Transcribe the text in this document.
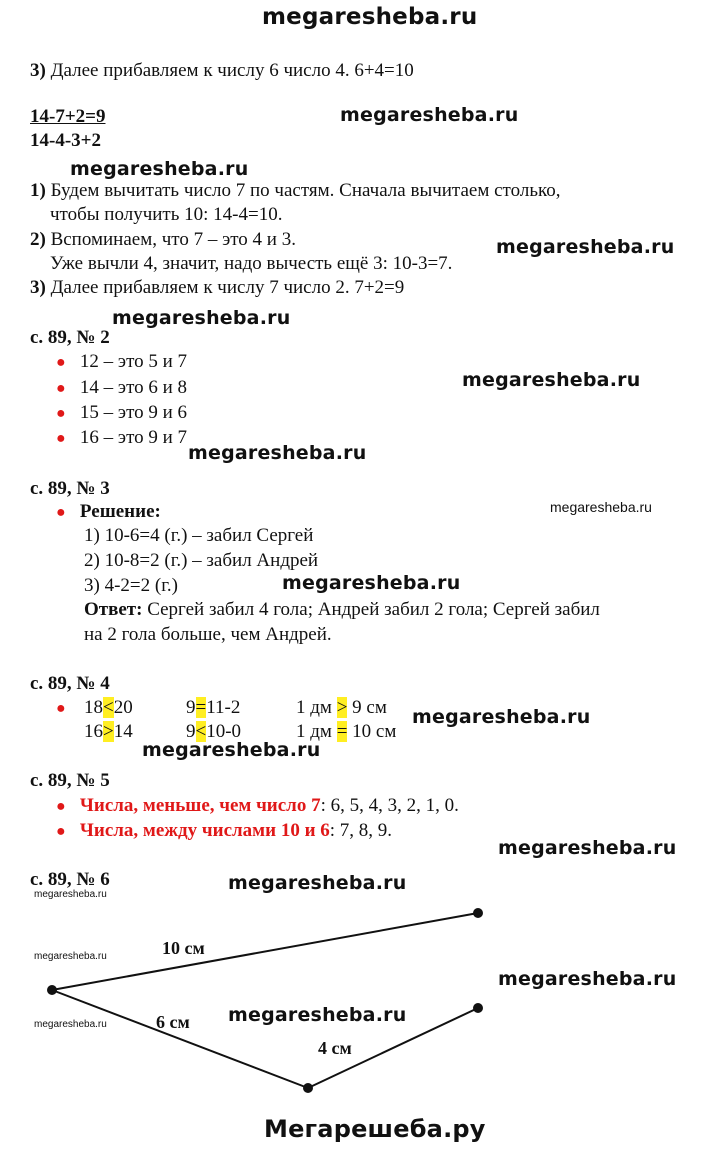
megaresheba.ru
3) Далее прибавляем к числу 6 число 4. 6+4=10
14-7+2=9
14-4-3+2
1) Будем вычитать число 7 по частям. Сначала вычитаем столько,
чтобы получить 10: 14-4=10.
2) Вспоминаем, что 7 – это 4 и 3.
Уже вычли 4, значит, надо вычесть ещё 3: 10-3=7.
3) Далее прибавляем к числу 7 число 2. 7+2=9
с. 89, № 2
● 12 – это 5 и 7
● 14 – это 6 и 8
● 15 – это 9 и 6
● 16 – это 9 и 7
с. 89, № 3
● Решение:
1) 10-6=4 (г.) – забил Сергей
2) 10-8=2 (г.) – забил Андрей
3) 4-2=2 (г.)
Ответ: Сергей забил 4 гола; Андрей забил 2 гола; Сергей забил
на 2 гола больше, чем Андрей.
с. 89, № 4
● 18<20	9=11-2	1 дм > 9 см
16>14	9<10-0	1 дм = 10 см
с. 89, № 5
● Числа, меньше, чем число 7: 6, 5, 4, 3, 2, 1, 0.
● Числа, между числами 10 и 6: 7, 8, 9.
с. 89, № 6
10 см
6 см
4 см
megaresheba.ru
megaresheba.ru
megaresheba.ru
megaresheba.ru
megaresheba.ru
megaresheba.ru
megaresheba.ru
megaresheba.ru
megaresheba.ru
megaresheba.ru
megaresheba.ru
megaresheba.ru
megaresheba.ru
megaresheba.ru
megaresheba.ru
megaresheba.ru
megaresheba.ru
Мегарешеба.ру
